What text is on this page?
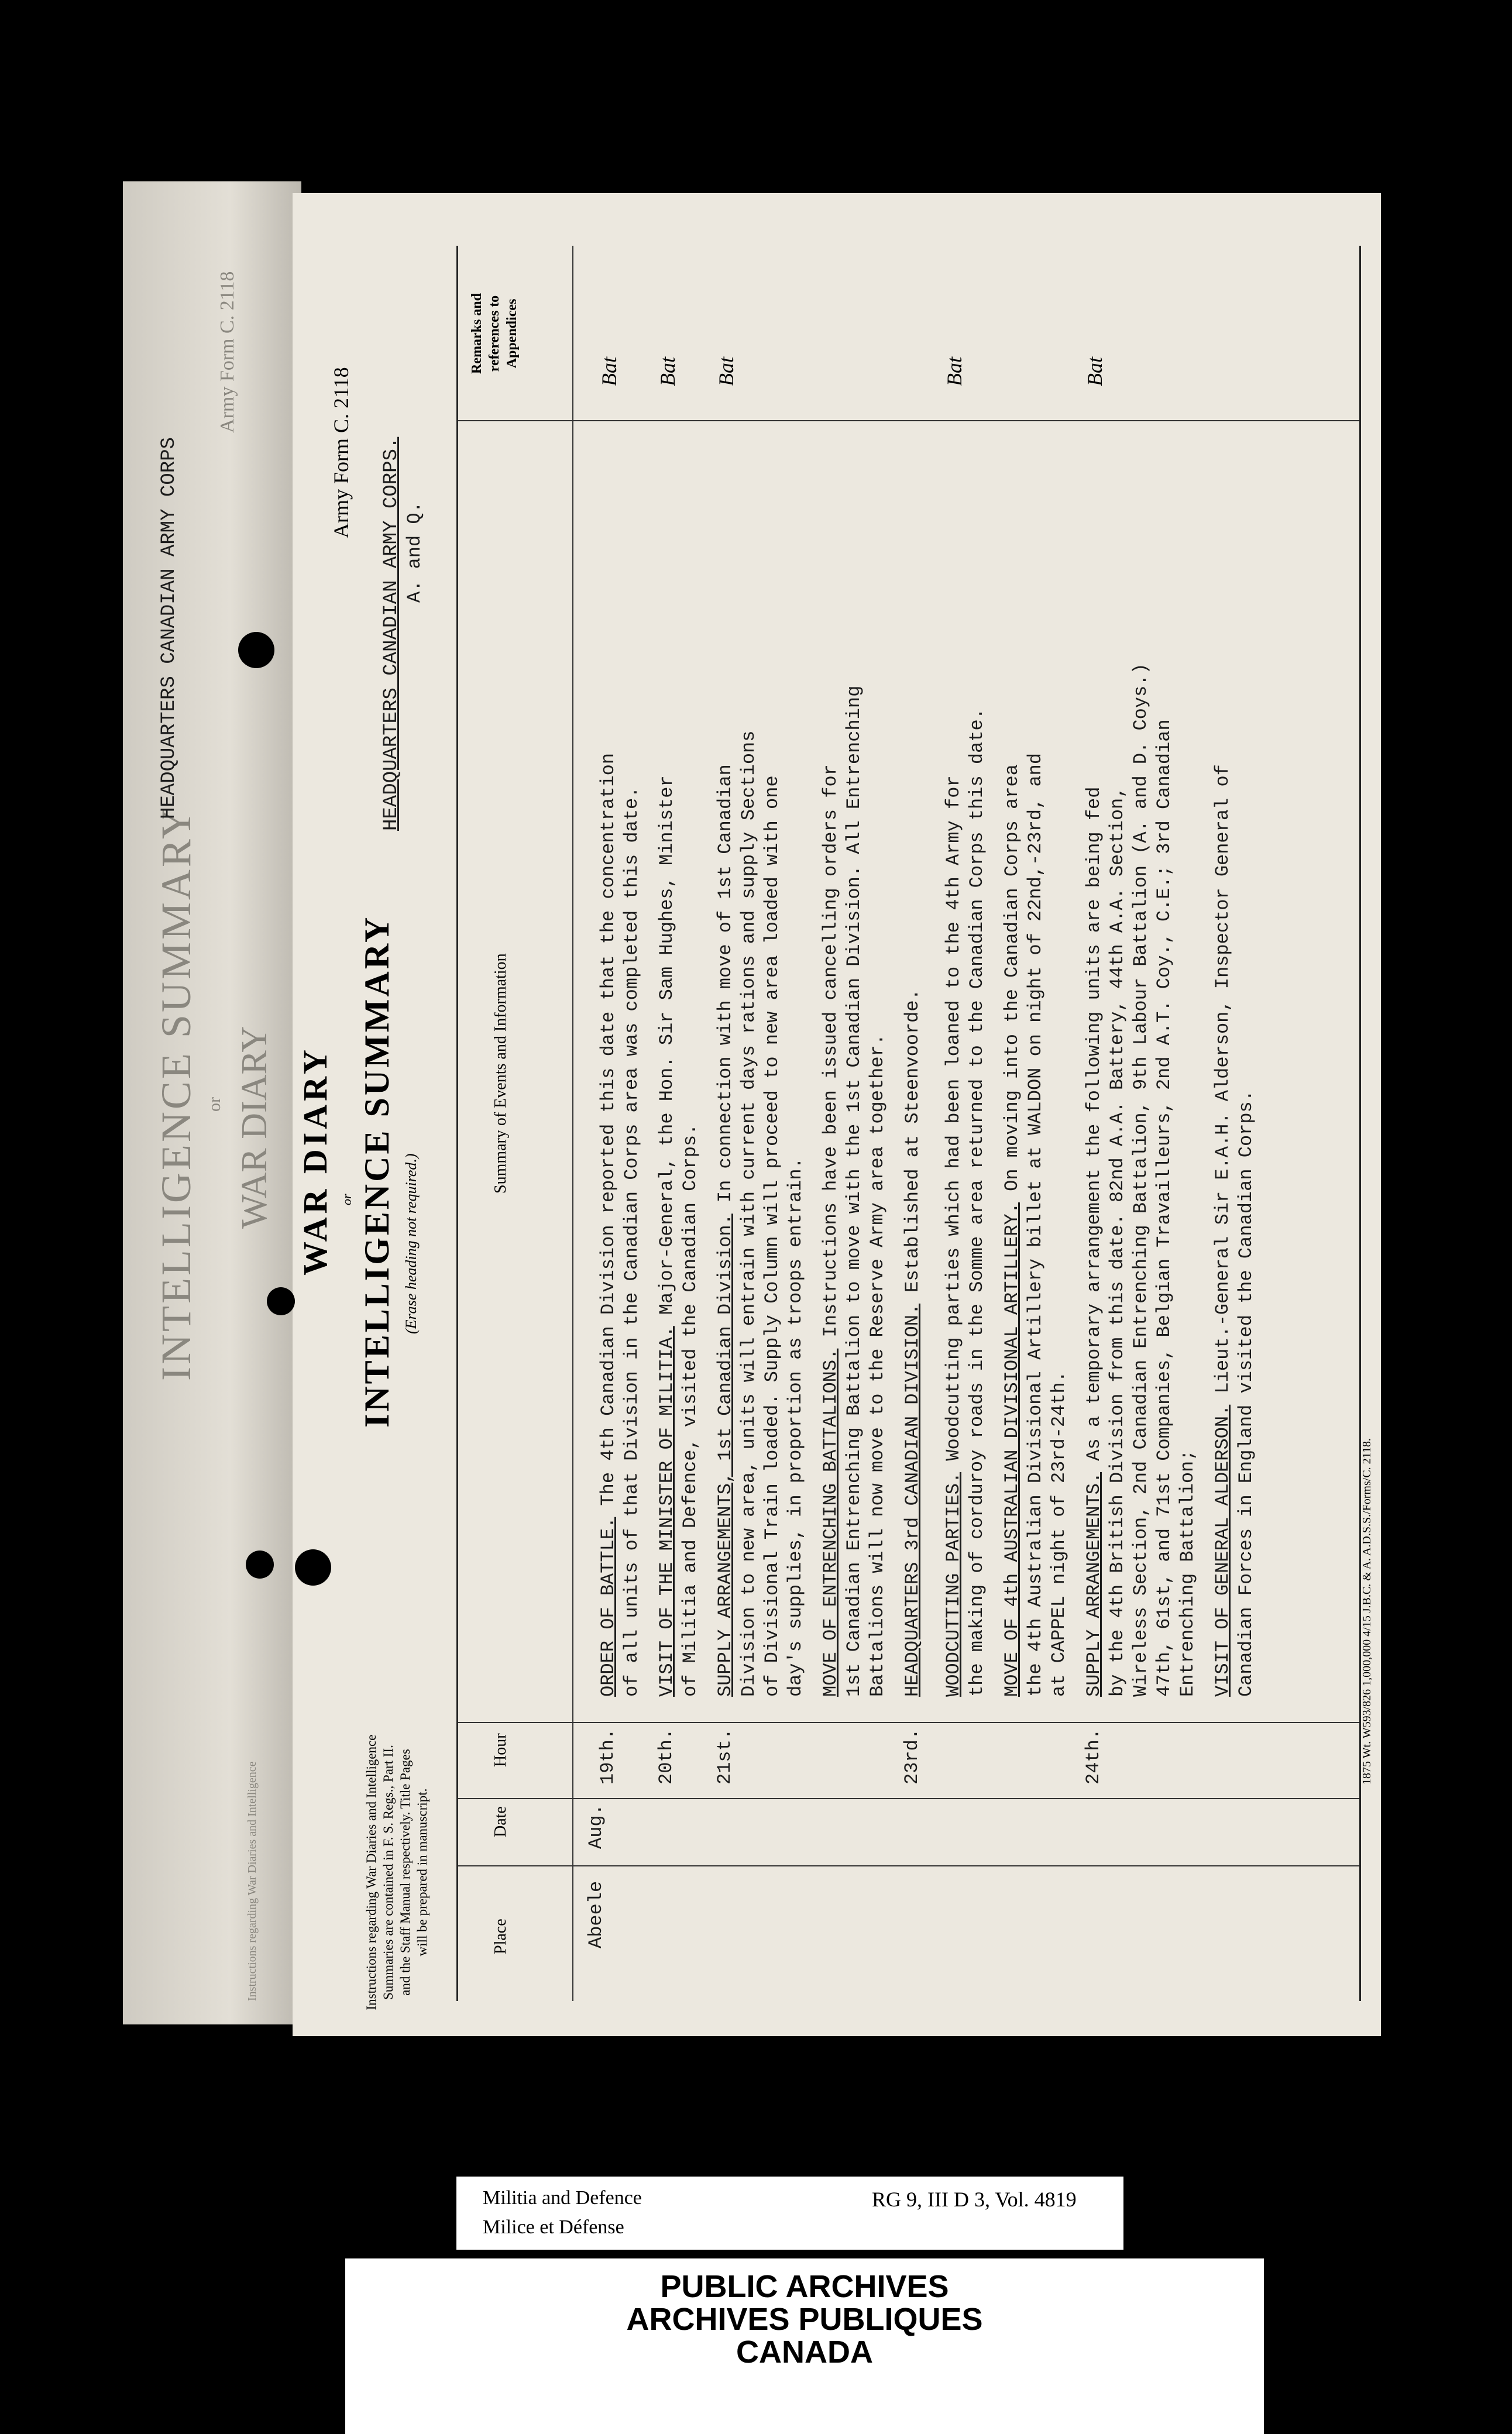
INTELLIGENCE SUMMARY or WAR DIARY
HEADQUARTERS CANADIAN ARMY CORPS
Army Form C. 2118
Instructions regarding War Diaries and Intelligence	Instructions regarding War Diaries and Intelligence Summaries are contained in F. S. Regs., Part II. and the Staff Manual respectively. Title Pages will be prepared in manuscript.
WAR DIARY or INTELLIGENCE SUMMARY (Erase heading not required.)
Army Form C. 2118 HEADQUARTERS CANADIAN ARMY CORPS. A. and Q.
Place
Date
Hour
Summary of Events and Information
Remarks and references to Appendices
Abeele
Aug.
19th.
ORDER OF BATTLE. The 4th Canadian Division reported this date that the concentration
of all units of that Division in the Canadian Corps area was completed this date.
Bat
20th.
VISIT OF THE MINISTER OF MILITIA. Major-General, the Hon. Sir Sam Hughes, Minister
of Militia and Defence, visited the Canadian Corps.
Bat
21st.
SUPPLY ARRANGEMENTS, 1st Canadian Division. In connection with move of 1st Canadian
Division to new area, units will entrain with current days rations and supply Sections
of Divisional Train loaded. Supply Column will proceed to new area loaded with one
day's supplies, in proportion as troops entrain.
Bat
MOVE OF ENTRENCHING BATTALIONS. Instructions have been issued cancelling orders for
1st Canadian Entrenching Battalion to move with the 1st Canadian Division. All Entrenching
Battalions will now move to the Reserve Army area together.
23rd.
HEADQUARTERS 3rd CANADIAN DIVISION. Established at Steenvoorde.
WOODCUTTING PARTIES. Woodcutting parties which had been loaned to the 4th Army for
the making of corduroy roads in the Somme area returned to the Canadian Corps this date.
Bat
MOVE OF 4th AUSTRALIAN DIVISIONAL ARTILLERY. On moving into the Canadian Corps area
the 4th Australian Divisional Artillery billet at WALDON on night of 22nd,-23rd, and
at CAPPEL night of 23rd-24th.
24th.
SUPPLY ARRANGEMENTS. As a temporary arrangement the following units are being fed
by the 4th British Division from this date. 82nd A.A. Battery, 44th A.A. Section,
Wireless Section, 2nd Canadian Entrenching Battalion, 9th Labour Battalion (A. and D. Coys.)
47th, 61st, and 71st Companies, Belgian Travailleurs, 2nd A.T. Coy., C.E.; 3rd Canadian
Entrenching Battalion;
Bat
VISIT OF GENERAL ALDERSON. Lieut.-General Sir E.A.H. Alderson, Inspector General of
Canadian Forces in England visited the Canadian Corps.	1875 Wt. W593/826 1,000,000 4/15 J.B.C. & A. A.D.S.S./Forms/C. 2118.
Militia and Defence
Milice et Défense
RG 9, III D 3, Vol. 4819
PUBLIC ARCHIVES
ARCHIVES PUBLIQUES
CANADA
